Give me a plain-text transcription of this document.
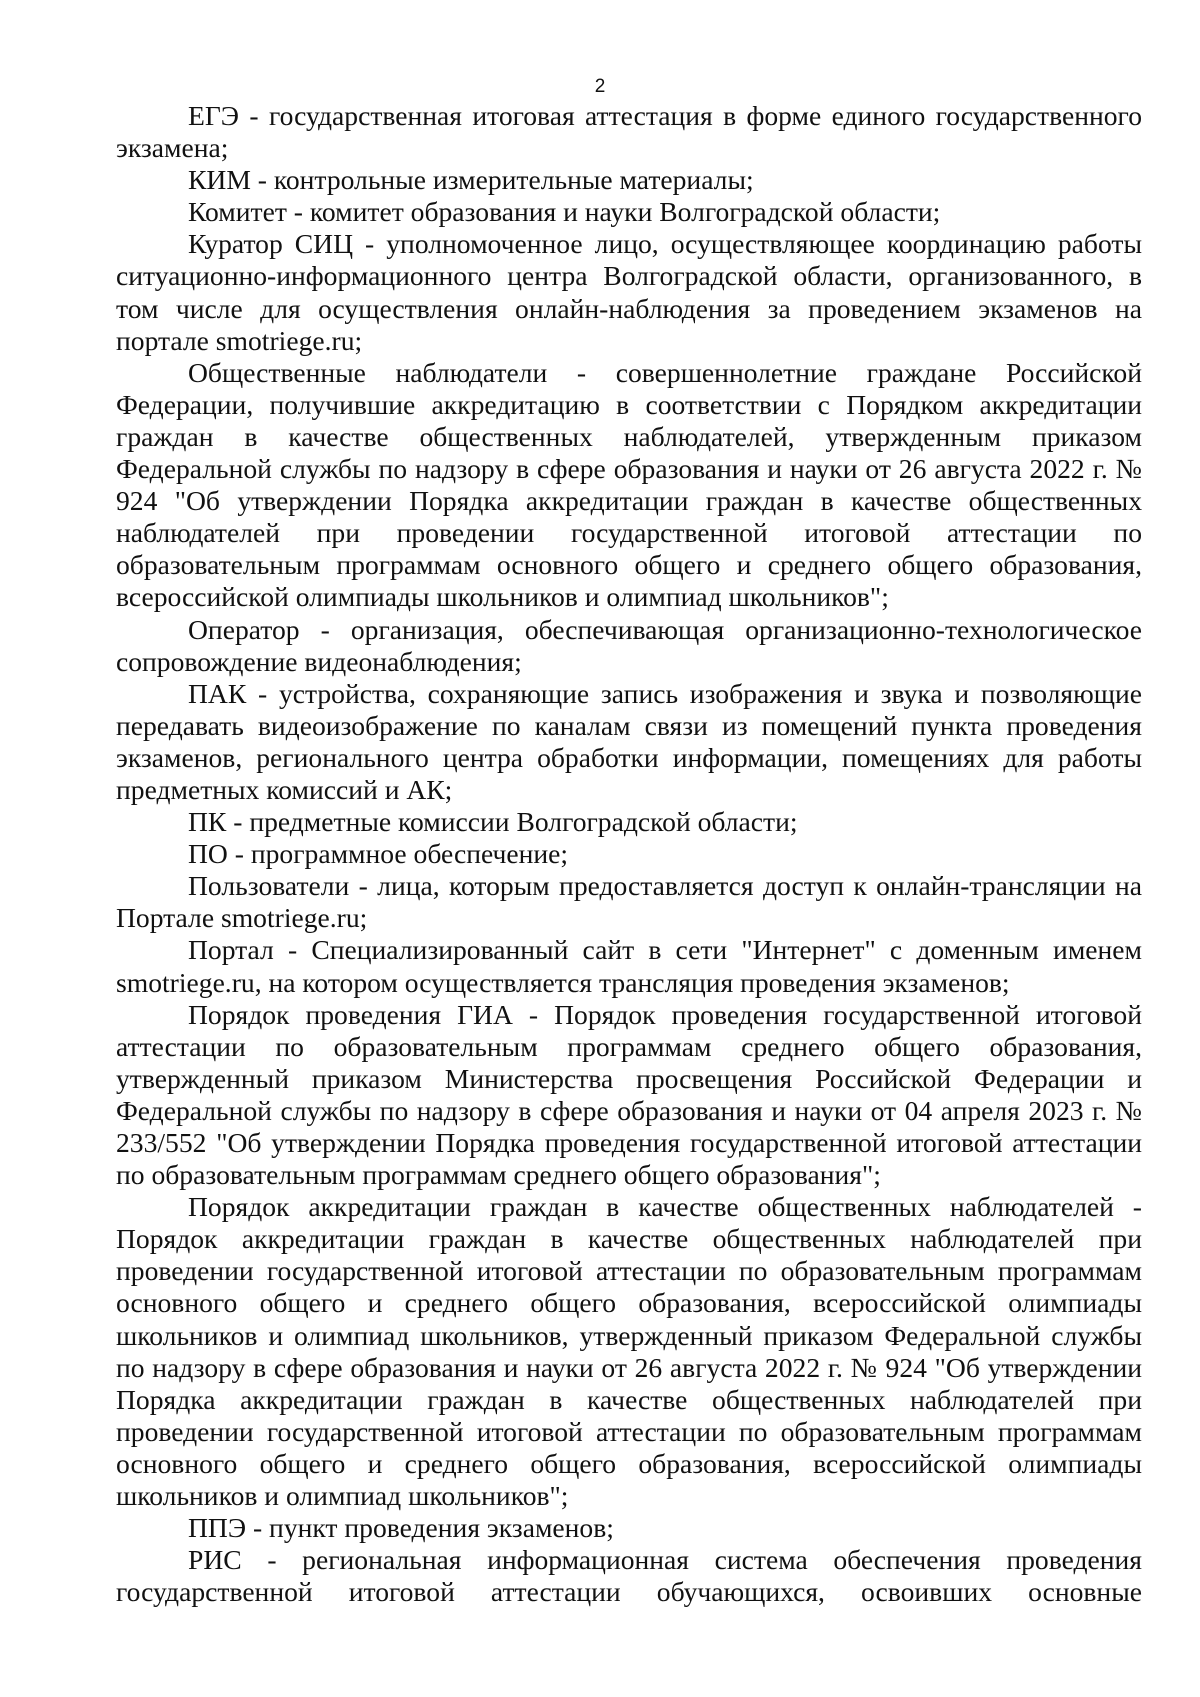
2

ЕГЭ - государственная итоговая аттестация в форме единого государственного экзамена;

КИМ - контрольные измерительные материалы;

Комитет - комитет образования и науки Волгоградской области;

Куратор СИЦ - уполномоченное лицо, осуществляющее координацию работы ситуационно-информационного центра Волгоградской области, организованного, в том числе для осуществления онлайн-наблюдения за проведением экзаменов на портале smotriege.ru;

Общественные наблюдатели - совершеннолетние граждане Российской Федерации, получившие аккредитацию в соответствии с Порядком аккредитации граждан в качестве общественных наблюдателей, утвержденным приказом Федеральной службы по надзору в сфере образования и науки от 26 августа 2022 г. № 924 "Об утверждении Порядка аккредитации граждан в качестве общественных наблюдателей при проведении государственной итоговой аттестации по образовательным программам основного общего и среднего общего образования, всероссийской олимпиады школьников и олимпиад школьников";

Оператор - организация, обеспечивающая организационно-технологическое сопровождение видеонаблюдения;

ПАК - устройства, сохраняющие запись изображения и звука и позволяющие передавать видеоизображение по каналам связи из помещений пункта проведения экзаменов, регионального центра обработки информации, помещениях для работы предметных комиссий и АК;

ПК - предметные комиссии Волгоградской области;

ПО - программное обеспечение;

Пользователи - лица, которым предоставляется доступ к онлайн-трансляции на Портале smotriege.ru;

Портал - Специализированный сайт в сети "Интернет" с доменным именем smotriege.ru, на котором осуществляется трансляция проведения экзаменов;

Порядок проведения ГИА - Порядок проведения государственной итоговой аттестации по образовательным программам среднего общего образования, утвержденный приказом Министерства просвещения Российской Федерации и Федеральной службы по надзору в сфере образования и науки от 04 апреля 2023 г. № 233/552 "Об утверждении Порядка проведения государственной итоговой аттестации по образовательным программам среднего общего образования";

Порядок аккредитации граждан в качестве общественных наблюдателей - Порядок аккредитации граждан в качестве общественных наблюдателей при проведении государственной итоговой аттестации по образовательным программам основного общего и среднего общего образования, всероссийской олимпиады школьников и олимпиад школьников, утвержденный приказом Федеральной службы по надзору в сфере образования и науки от 26 августа 2022 г. № 924 "Об утверждении Порядка аккредитации граждан в качестве общественных наблюдателей при проведении государственной итоговой аттестации по образовательным программам основного общего и среднего общего образования, всероссийской олимпиады школьников и олимпиад школьников";

ППЭ - пункт проведения экзаменов;

РИС - региональная информационная система обеспечения проведения государственной итоговой аттестации обучающихся, освоивших основные
